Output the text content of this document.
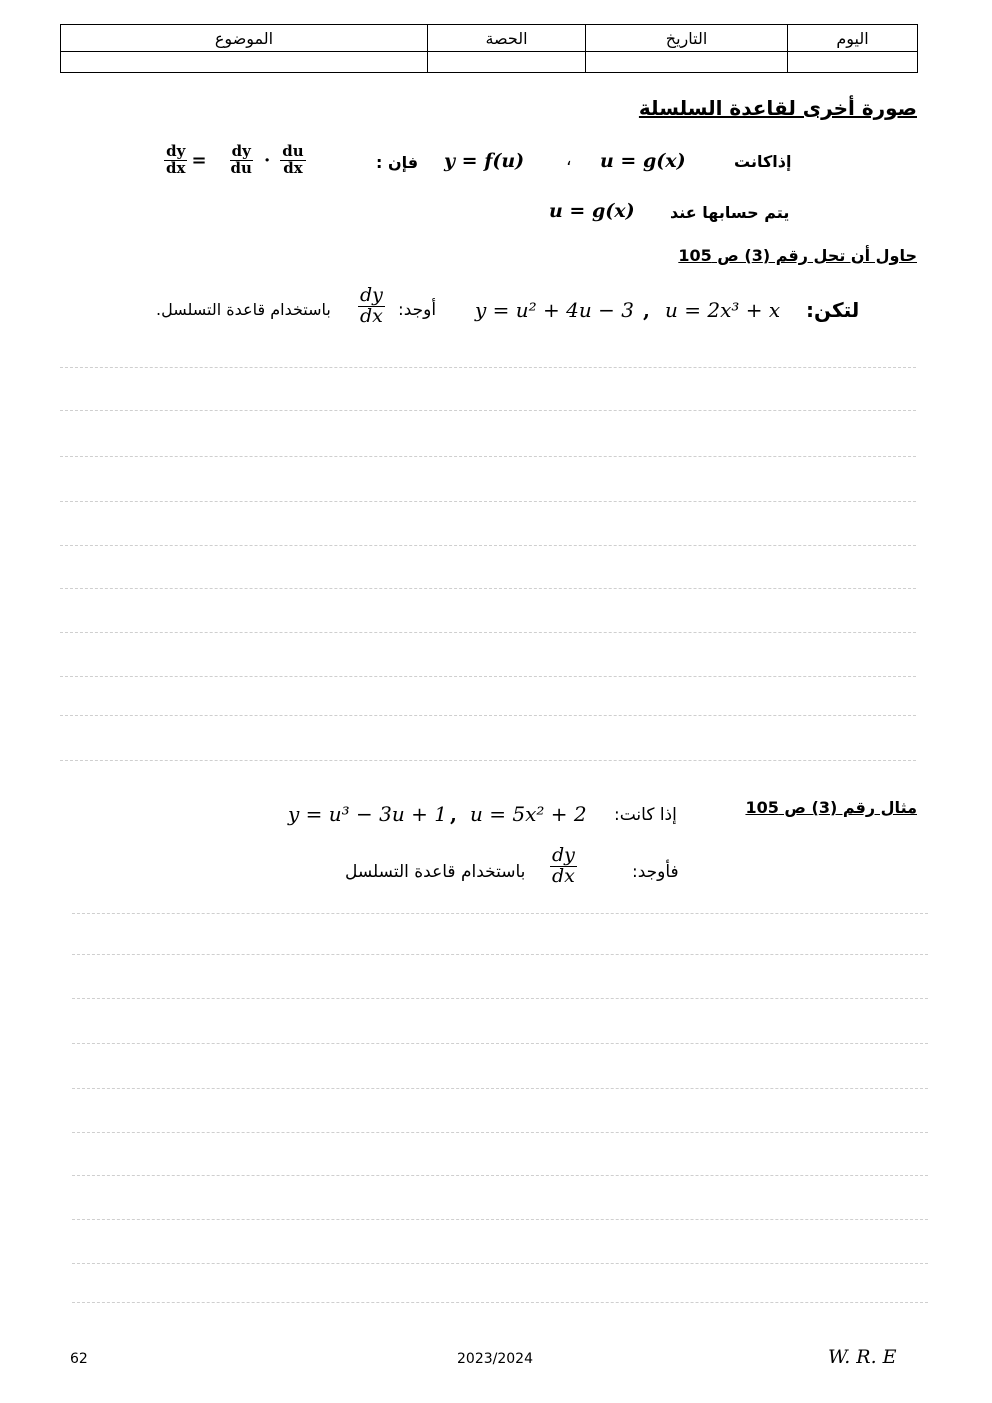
الموضوع	الحصة	التاريخ	اليوم

صورة أخرى لقاعدة السلسلة
إذاكانت
u = g(x)
،
y = f(u)
فإن :
$\frac{dy}{dx} = \frac{dy}{du} \cdot \frac{du}{dx}$
يتم حسابها عند
u = g(x)
حاول أن تحل رقم (3) ص 105
لتكن:
u = 2x³ + x
,
y = u² + 4u − 3
أوجد:
$\frac{dy}{dx}$
باستخدام قاعدة التسلسل.
مثال رقم (3) ص 105
إذا كانت:
u = 5x² + 2
,
y = u³ − 3u + 1
فأوجد:
$\frac{dy}{dx}$
باستخدام قاعدة التسلسل
62	2023/2024	W. R. E
